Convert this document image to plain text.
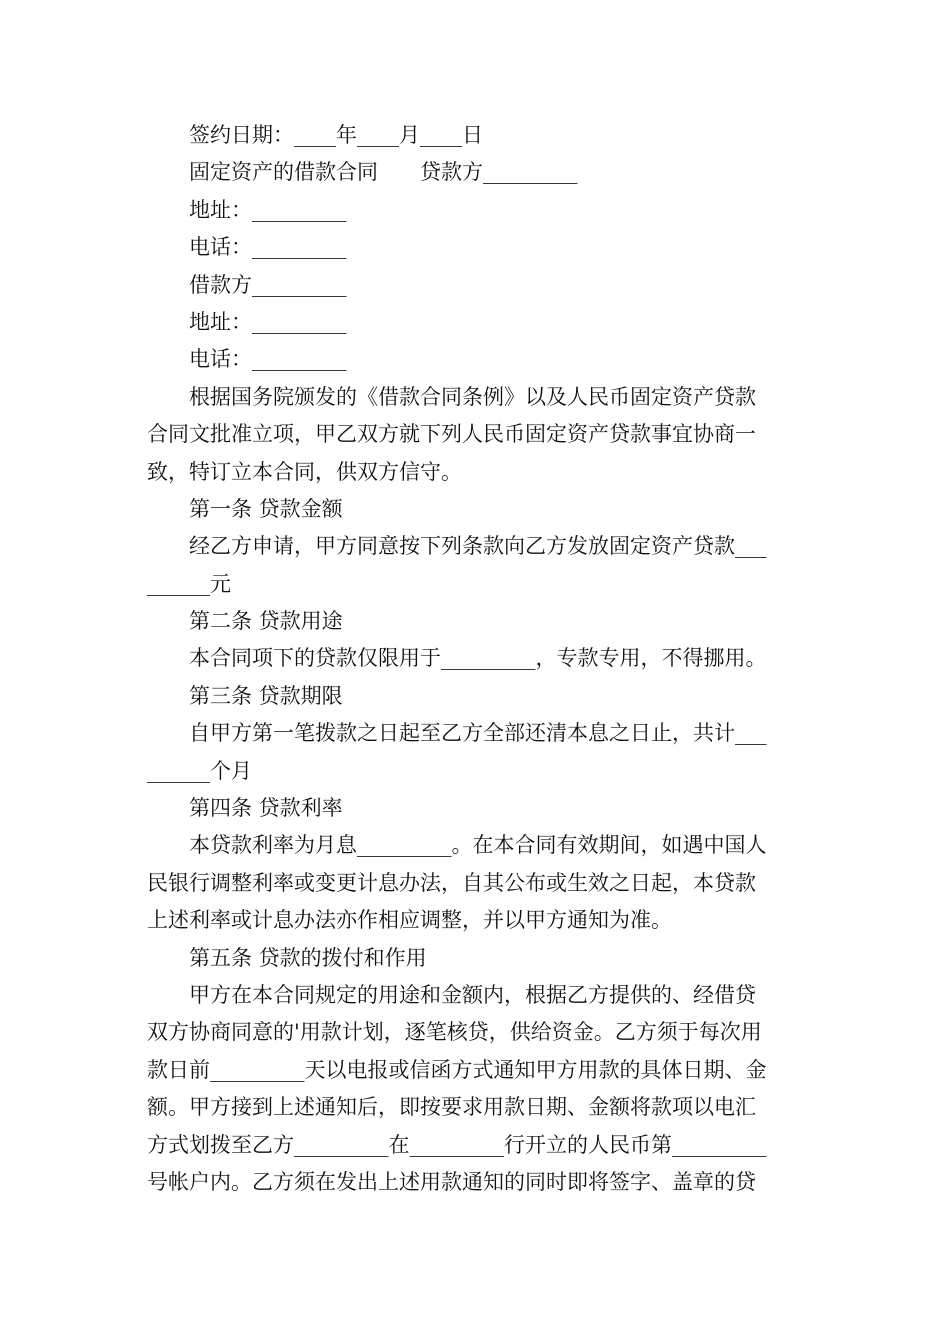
签约日期：____年____月____日
固定资产的借款合同　　贷款方_________
地址：_________
电话：_________
借款方_________
地址：_________
电话：_________
根据国务院颁发的《借款合同条例》以及人民币固定资产贷款
合同文批准立项，甲乙双方就下列人民币固定资产贷款事宜协商一
致，特订立本合同，供双方信守。
第一条 贷款金额
经乙方申请，甲方同意按下列条款向乙方发放固定资产贷款___
______元
第二条 贷款用途
本合同项下的贷款仅限用于_________，专款专用，不得挪用。
第三条 贷款期限
自甲方第一笔拨款之日起至乙方全部还清本息之日止，共计___
______个月
第四条 贷款利率
本贷款利率为月息_________。在本合同有效期间，如遇中国人
民银行调整利率或变更计息办法，自其公布或生效之日起，本贷款
上述利率或计息办法亦作相应调整，并以甲方通知为准。
第五条 贷款的拨付和作用
甲方在本合同规定的用途和金额内，根据乙方提供的、经借贷
双方协商同意的'用款计划，逐笔核贷，供给资金。乙方须于每次用
款日前_________天以电报或信函方式通知甲方用款的具体日期、金
额。甲方接到上述通知后，即按要求用款日期、金额将款项以电汇
方式划拨至乙方_________在_________行开立的人民币第_________
号帐户内。乙方须在发出上述用款通知的同时即将签字、盖章的贷
